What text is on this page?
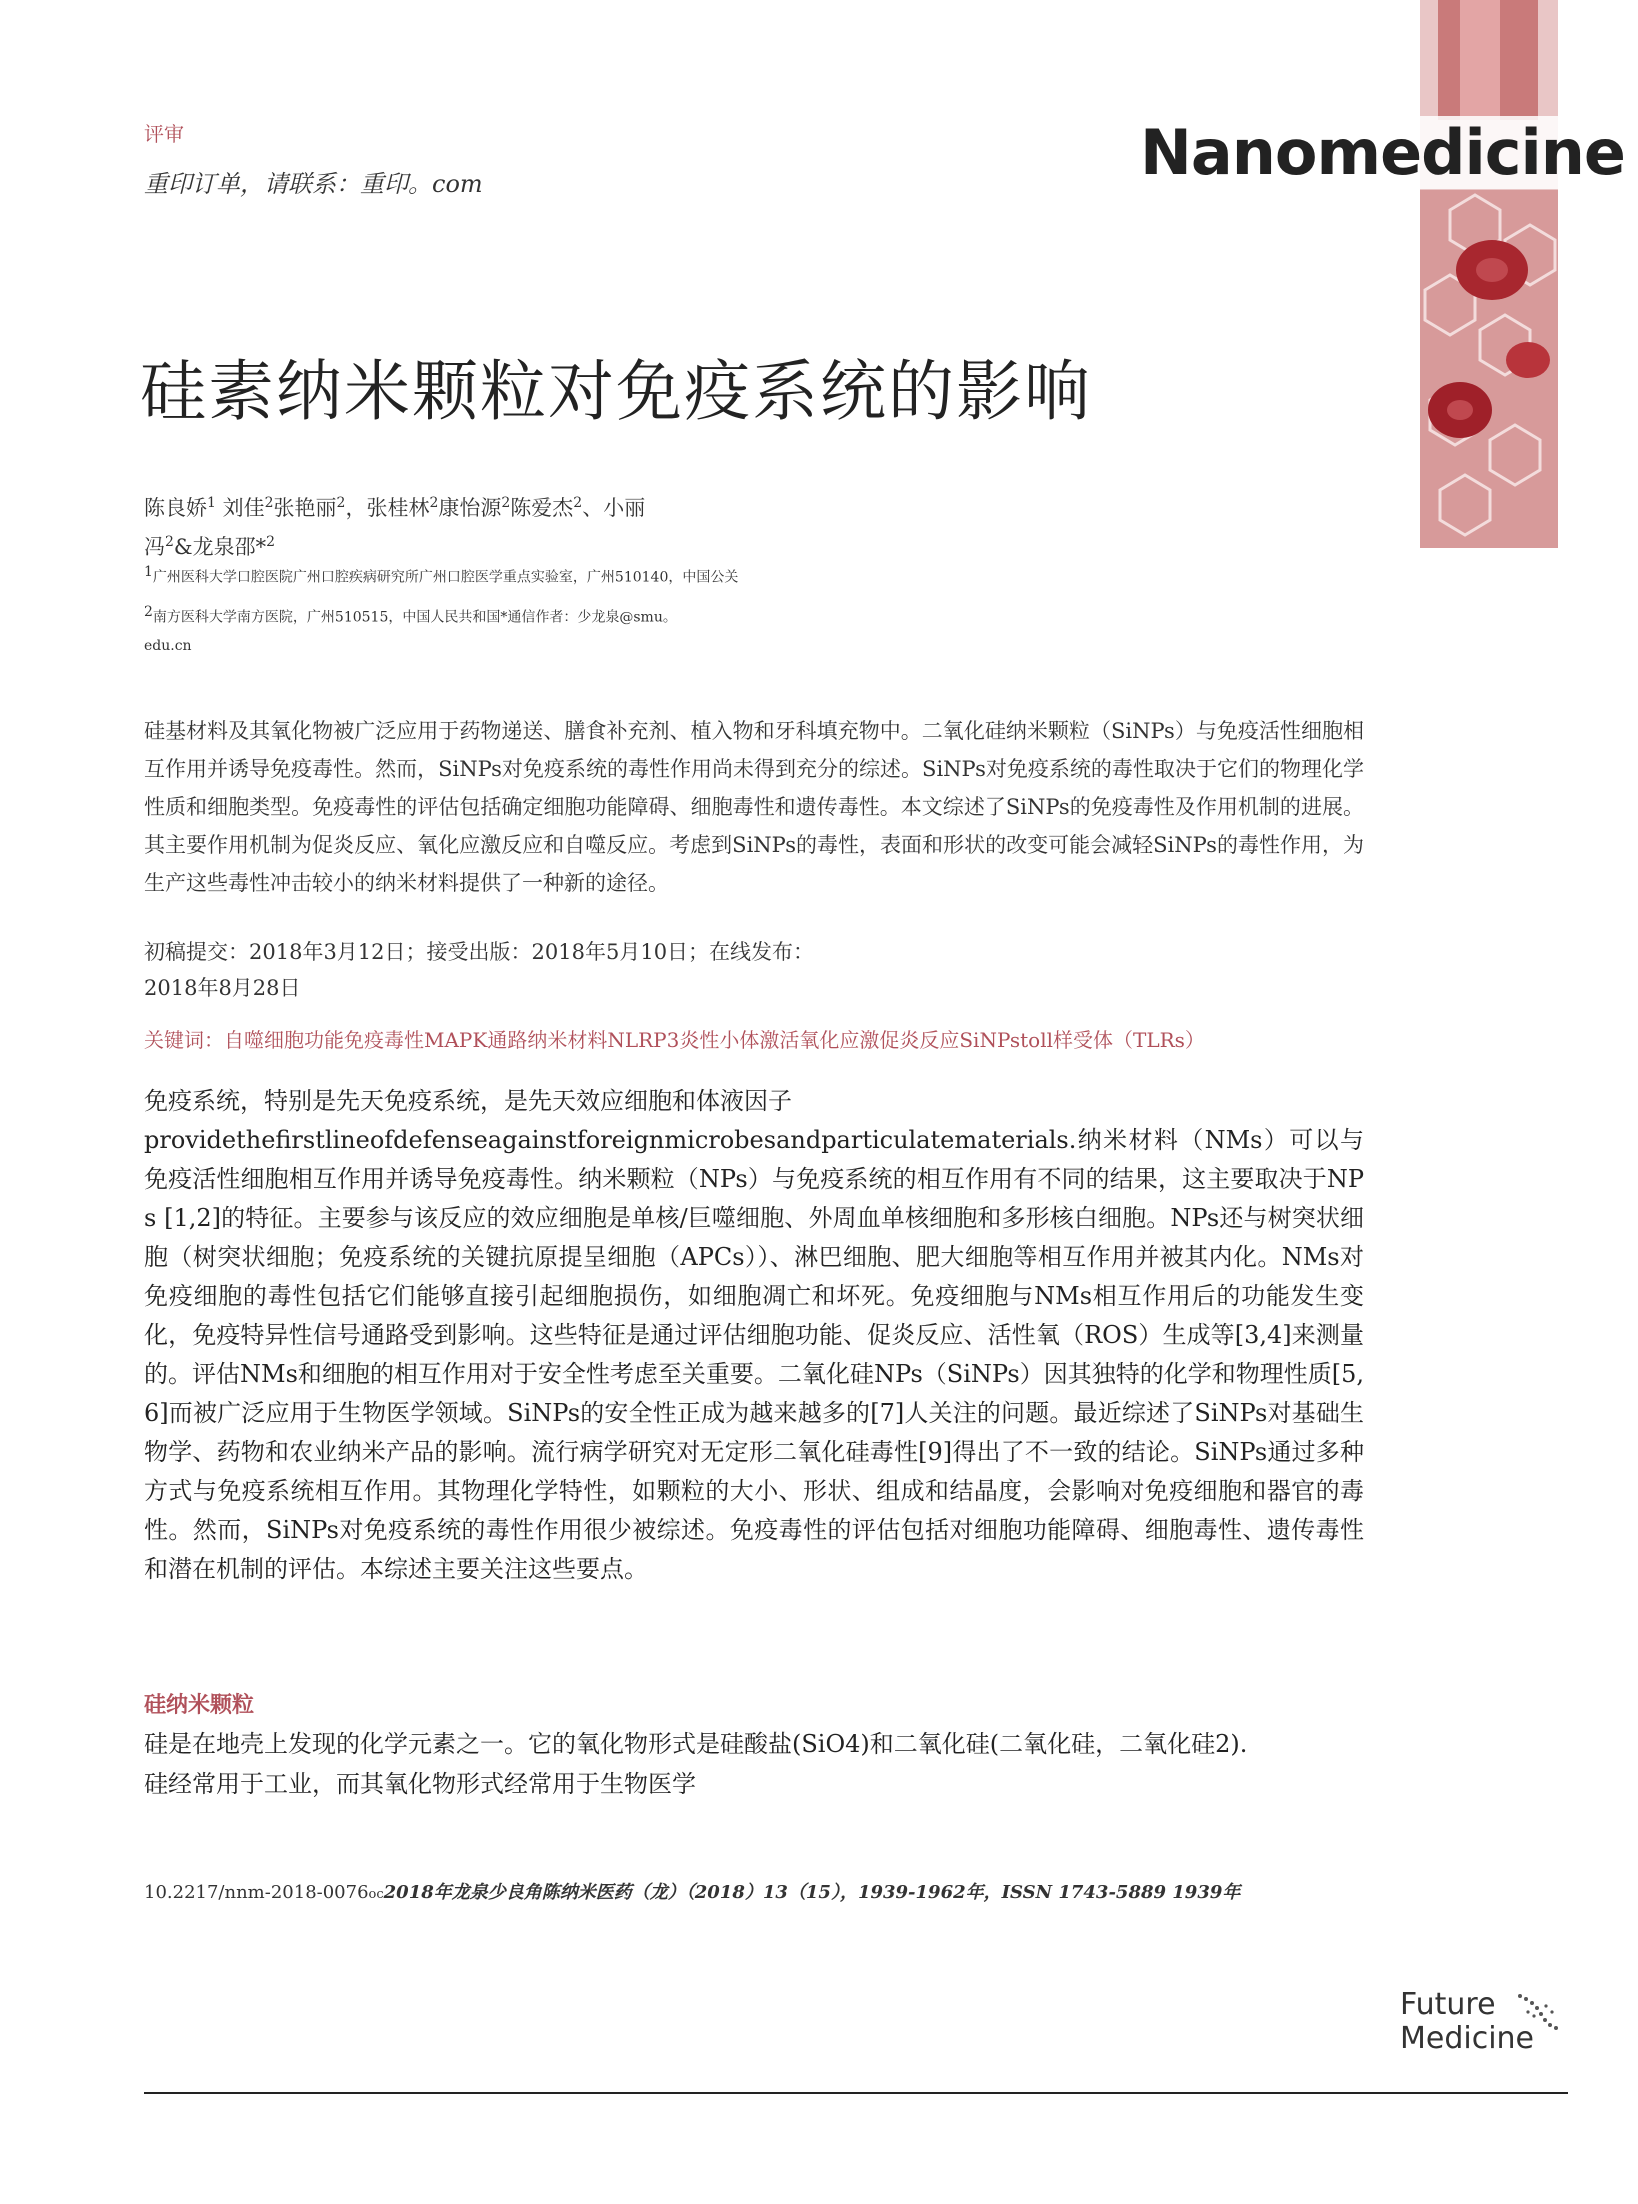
评审
重印订单，请联系：重印。com	Nanomedicine
硅素纳米颗粒对免疫系统的影响
陈良娇$^1$ 刘佳$^2$张艳丽$^2$，张桂林$^2$康怡源$^2$陈爱杰$^2$、小丽
冯$^2$&龙泉邵*$^2$
$^1$广州医科大学口腔医院广州口腔疾病研究所广州口腔医学重点实验室，广州510140，中国公关
$^2$南方医科大学南方医院，广州510515，中国人民共和国*通信作者：少龙泉@smu。
edu.cn
硅基材料及其氧化物被广泛应用于药物递送、膳食补充剂、植入物和牙科填充物中。二氧化硅纳米颗粒（SiNPs）与免疫活性细胞相互作用并诱导免疫毒性。然而，SiNPs对免疫系统的毒性作用尚未得到充分的综述。SiNPs对免疫系统的毒性取决于它们的物理化学性质和细胞类型。免疫毒性的评估包括确定细胞功能障碍、细胞毒性和遗传毒性。本文综述了SiNPs的免疫毒性及作用机制的进展。其主要作用机制为促炎反应、氧化应激反应和自噬反应。考虑到SiNPs的毒性，表面和形状的改变可能会减轻SiNPs的毒性作用，为生产这些毒性冲击较小的纳米材料提供了一种新的途径。
初稿提交：2018年3月12日；接受出版：2018年5月10日；在线发布：
2018年8月28日
关键词：自噬细胞功能免疫毒性MAPK通路纳米材料NLRP3炎性小体激活氧化应激促炎反应SiNPstoll样受体（TLRs）
免疫系统，特别是先天免疫系统，是先天效应细胞和体液因子
providethefirstlineofdefenseagainstforeignmicrobesandparticulatematerials.纳米材料（NMs）可以与免疫活性细胞相互作用并诱导免疫毒性。纳米颗粒（NPs）与免疫系统的相互作用有不同的结果，这主要取决于NPs [1,2]的特征。主要参与该反应的效应细胞是单核/巨噬细胞、外周血单核细胞和多形核白细胞。NPs还与树突状细胞（树突状细胞；免疫系统的关键抗原提呈细胞（APCs））、淋巴细胞、肥大细胞等相互作用并被其内化。NMs对免疫细胞的毒性包括它们能够直接引起细胞损伤，如细胞凋亡和坏死。免疫细胞与NMs相互作用后的功能发生变化，免疫特异性信号通路受到影响。这些特征是通过评估细胞功能、促炎反应、活性氧（ROS）生成等[3,4]来测量的。评估NMs和细胞的相互作用对于安全性考虑至关重要。二氧化硅NPs（SiNPs）因其独特的化学和物理性质[5,6]而被广泛应用于生物医学领域。SiNPs的安全性正成为越来越多的[7]人关注的问题。最近综述了SiNPs对基础生物学、药物和农业纳米产品的影响。流行病学研究对无定形二氧化硅毒性[9]得出了不一致的结论。SiNPs通过多种方式与免疫系统相互作用。其物理化学特性，如颗粒的大小、形状、组成和结晶度，会影响对免疫细胞和器官的毒性。然而，SiNPs对免疫系统的毒性作用很少被综述。免疫毒性的评估包括对细胞功能障碍、细胞毒性、遗传毒性和潜在机制的评估。本综述主要关注这些要点。
硅纳米颗粒
硅是在地壳上发现的化学元素之一。它的氧化物形式是硅酸盐(SiO4)和二氧化硅(二氧化硅，二氧化硅2).
硅经常用于工业，而其氧化物形式经常用于生物医学
10.2217/nnm-2018-0076oc2018年龙泉少良角陈纳米医药（龙）（2018）13（15），1939-1962年，ISSN 1743-5889 1939年
Future
Medicine
